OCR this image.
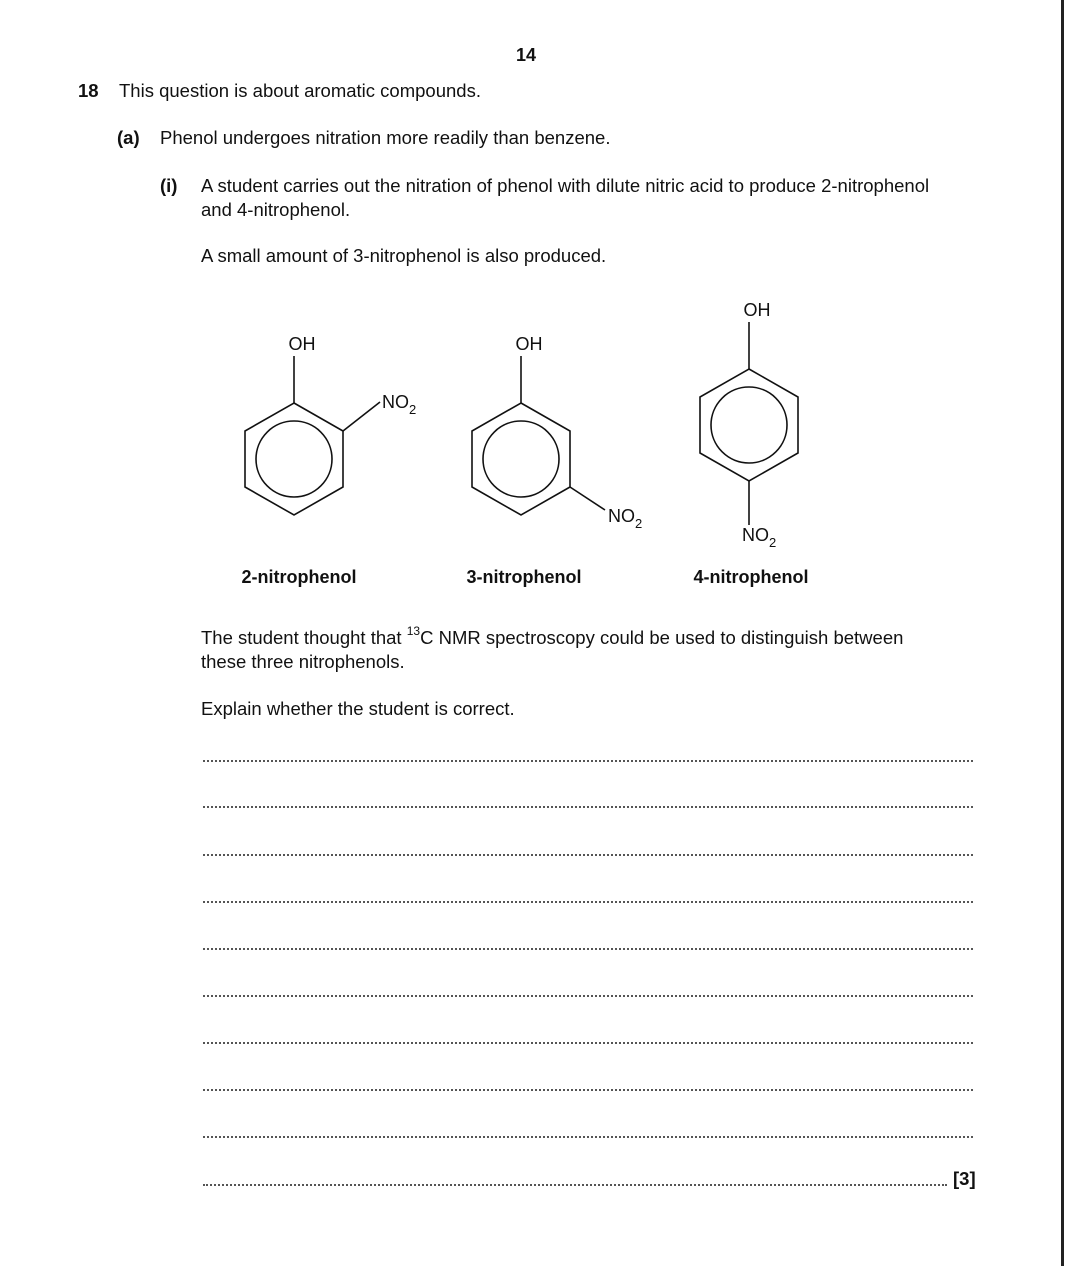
14
18 This question is about aromatic compounds.
(a) Phenol undergoes nitration more readily than benzene.
(i) A student carries out the nitration of phenol with dilute nitric acid to produce 2-nitrophenol
and 4-nitrophenol.
A small amount of 3-nitrophenol is also produced.
OH
$NO_2$
2-nitrophenol
OH
$NO_2$
3-nitrophenol
OH
$NO_2$
4-nitrophenol
The student thought that $^{13}$C NMR spectroscopy could be used to distinguish between
these three nitrophenols.
Explain whether the student is correct.
[3]
